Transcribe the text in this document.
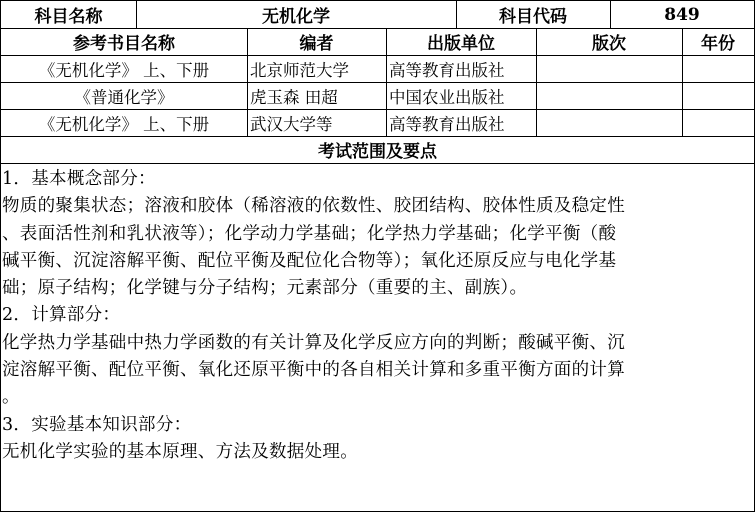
科目名称	无机化学	科目代码	849
参考书目名称	编者	出版单位	版次	年份
《无机化学》 上、下册	北京师范大学	高等教育出版社
《普通化学》	虎玉森 田超	中国农业出版社
《无机化学》 上、下册	武汉大学等	高等教育出版社
考试范围及要点
1．基本概念部分：
物质的聚集状态；溶液和胶体（稀溶液的依数性、胶团结构、胶体性质及稳定性
、表面活性剂和乳状液等）；化学动力学基础；化学热力学基础；化学平衡（酸
碱平衡、沉淀溶解平衡、配位平衡及配位化合物等）；氧化还原反应与电化学基
础；原子结构；化学键与分子结构；元素部分（重要的主、副族）。
2．计算部分：
化学热力学基础中热力学函数的有关计算及化学反应方向的判断；酸碱平衡、沉
淀溶解平衡、配位平衡、氧化还原平衡中的各自相关计算和多重平衡方面的计算
。
3．实验基本知识部分：
无机化学实验的基本原理、方法及数据处理。
